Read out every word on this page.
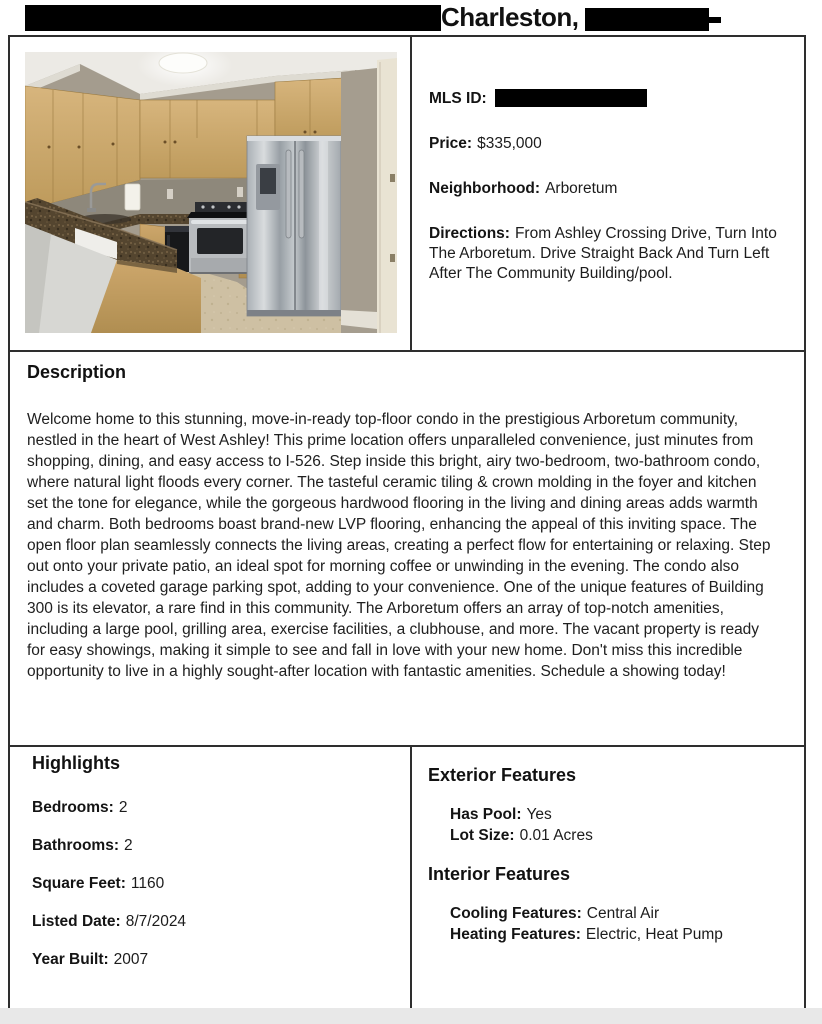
Charleston,
MLS ID:
Price: $335,000
Neighborhood: Arboretum
Directions: From Ashley Crossing Drive, Turn Into The Arboretum. Drive Straight Back And Turn Left After The Community Building/pool.
Description

Welcome home to this stunning, move-in-ready top-floor condo in the prestigious Arboretum community, nestled in the heart of West Ashley! This prime location offers unparalleled convenience, just minutes from shopping, dining, and easy access to I-526. Step inside this bright, airy two-bedroom, two-bathroom condo, where natural light floods every corner. The tasteful ceramic tiling & crown molding in the foyer and kitchen set the tone for elegance, while the gorgeous hardwood flooring in the living and dining areas adds warmth and charm. Both bedrooms boast brand-new LVP flooring, enhancing the appeal of this inviting space. The open floor plan seamlessly connects the living areas, creating a perfect flow for entertaining or relaxing. Step out onto your private patio, an ideal spot for morning coffee or unwinding in the evening. The condo also includes a coveted garage parking spot, adding to your convenience. One of the unique features of Building 300 is its elevator, a rare find in this community. The Arboretum offers an array of top-notch amenities, including a large pool, grilling area, exercise facilities, a clubhouse, and more. The vacant property is ready for easy showings, making it simple to see and fall in love with your new home. Don't miss this incredible opportunity to live in a highly sought-after location with fantastic amenities. Schedule a showing today!

Highlights
Bedrooms: 2
Bathrooms: 2
Square Feet: 1160
Listed Date: 8/7/2024
Year Built: 2007
Exterior Features
Has Pool: Yes
Lot Size: 0.01 Acres
Interior Features
Cooling Features: Central Air
Heating Features: Electric, Heat Pump
